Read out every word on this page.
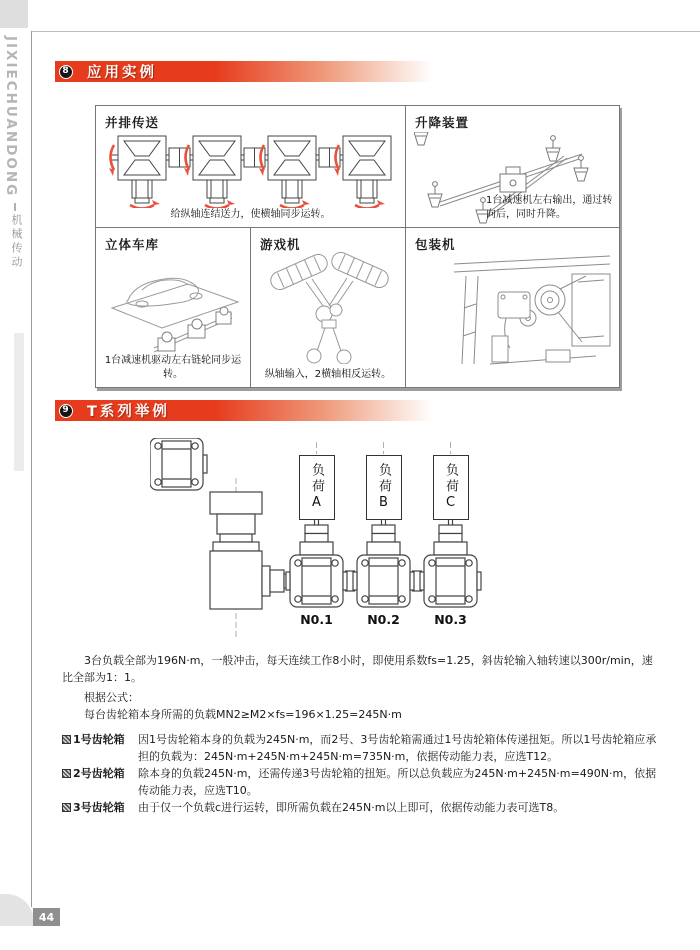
JIXIECHUANDONG
机械传动
44
8 应用实例
并排传送
给纵轴连结送力，使横轴同步运转。
升降装置
1台减速机左右输出，通过转向后，同时升降。
立体车库
1台减速机驱动左右链轮同步运转。
游戏机
纵轴输入，2横轴相反运转。
包装机
9 T系列举例
负荷A	负荷B	负荷C
N0.1	N0.2	N0.3

3台负载全部为196N·m，一般冲击，每天连续工作8小时，即使用系数fs=1.25，斜齿轮输入轴转速以300r/min，速比全部为1：1。

根据公式：

每台齿轮箱本身所需的负载MN2≥M2×fs=196×1.25=245N·m

1号齿轮箱 因1号齿轮箱本身的负载为245N·m，而2号、3号齿轮箱需通过1号齿轮箱体传递扭矩。所以1号齿轮箱应承担的负载为：245N·m+245N·m+245N·m=735N·m，依据传动能力表，应选T12。
2号齿轮箱 除本身的负载245N·m，还需传递3号齿轮箱的扭矩。所以总负载应为245N·m+245N·m=490N·m，依据传动能力表，应选T10。
3号齿轮箱 由于仅一个负载c进行运转，即所需负载在245N·m以上即可，依据传动能力表可选T8。
